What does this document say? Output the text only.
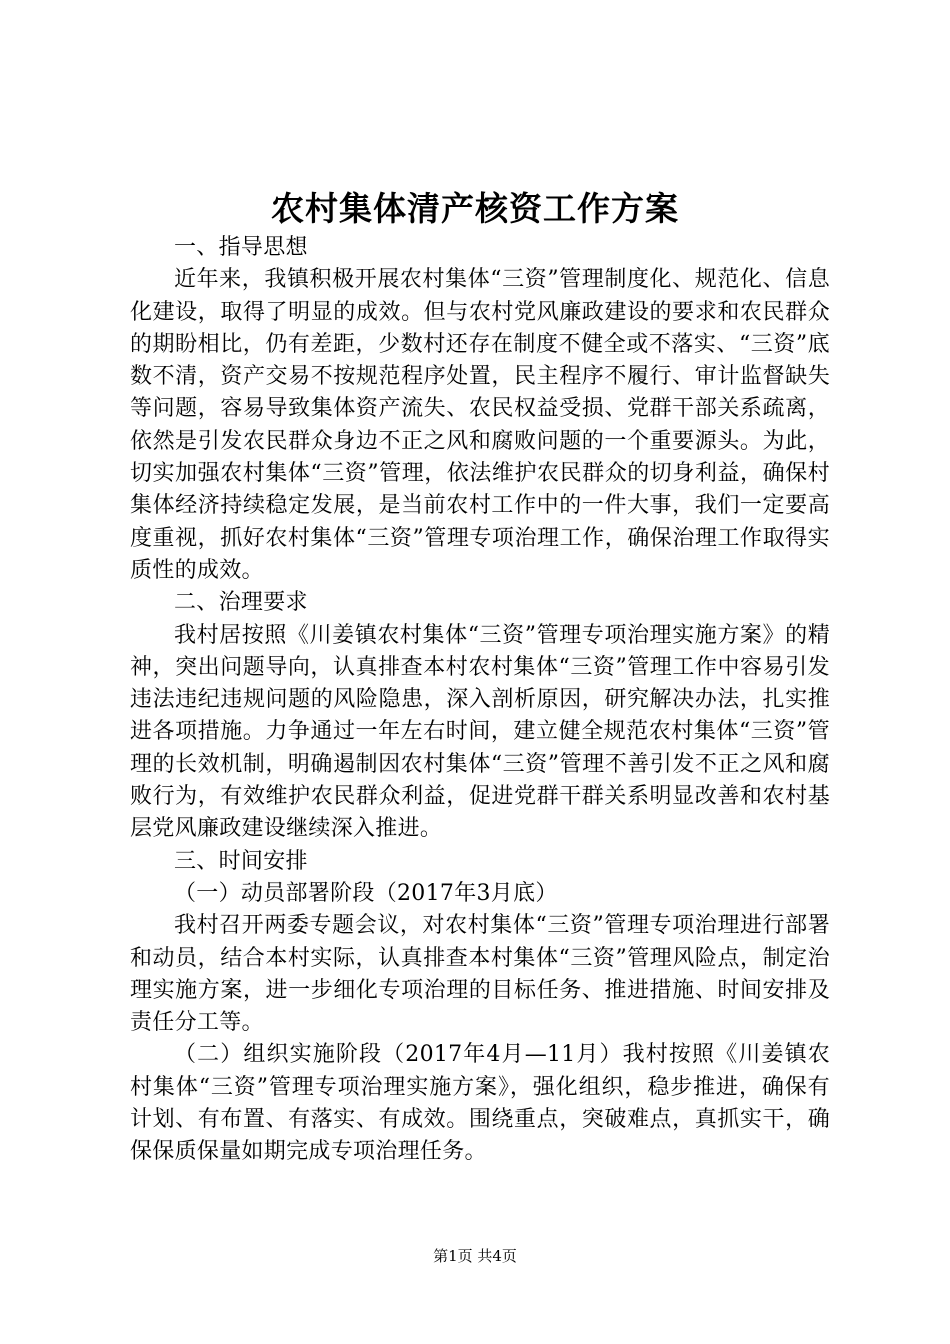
农村集体清产核资工作方案

一、指导思想

近年来，我镇积极开展农村集体“三资”管理制度化、规范化、信息化建设，取得了明显的成效。但与农村党风廉政建设的要求和农民群众的期盼相比，仍有差距，少数村还存在制度不健全或不落实、“三资”底数不清，资产交易不按规范程序处置，民主程序不履行、审计监督缺失等问题，容易导致集体资产流失、农民权益受损、党群干部关系疏离，依然是引发农民群众身边不正之风和腐败问题的一个重要源头。为此，切实加强农村集体“三资”管理，依法维护农民群众的切身利益，确保村集体经济持续稳定发展，是当前农村工作中的一件大事，我们一定要高度重视，抓好农村集体“三资”管理专项治理工作，确保治理工作取得实质性的成效。

二、治理要求

我村居按照《川姜镇农村集体“三资”管理专项治理实施方案》的精神，突出问题导向，认真排查本村农村集体“三资”管理工作中容易引发违法违纪违规问题的风险隐患，深入剖析原因，研究解决办法，扎实推进各项措施。力争通过一年左右时间，建立健全规范农村集体“三资”管理的长效机制，明确遏制因农村集体“三资”管理不善引发不正之风和腐败行为，有效维护农民群众利益，促进党群干群关系明显改善和农村基层党风廉政建设继续深入推进。

三、时间安排

（一）动员部署阶段（2017年3月底）

我村召开两委专题会议，对农村集体“三资”管理专项治理进行部署和动员，结合本村实际，认真排查本村集体“三资”管理风险点，制定治理实施方案，进一步细化专项治理的目标任务、推进措施、时间安排及责任分工等。

（二）组织实施阶段（2017年4月—11月）我村按照《川姜镇农村集体“三资”管理专项治理实施方案》，强化组织，稳步推进，确保有计划、有布置、有落实、有成效。围绕重点，突破难点，真抓实干，确保保质保量如期完成专项治理任务。

第1页 共4页
